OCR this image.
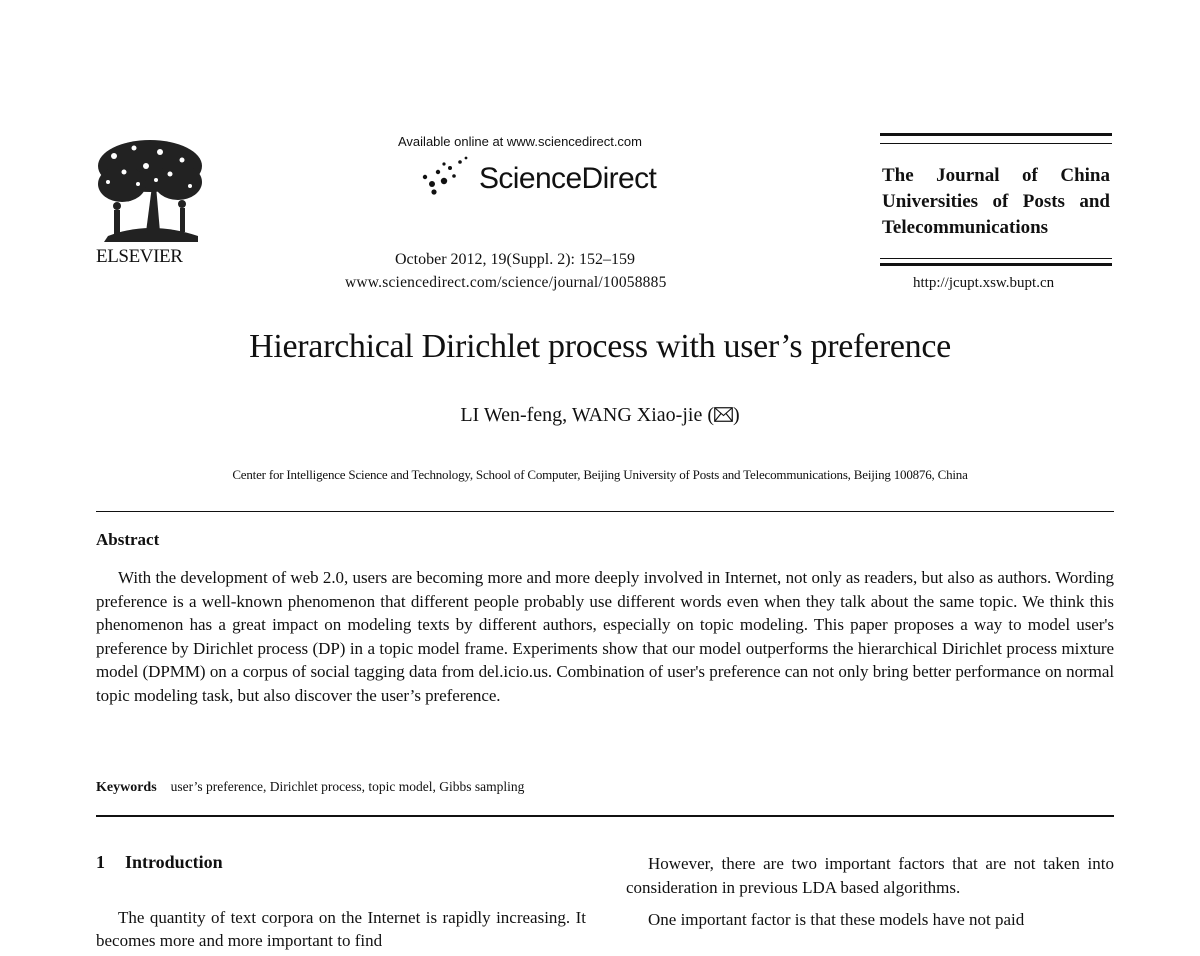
ELSEVIER
Available online at www.sciencedirect.com
ScienceDirect
October 2012, 19(Suppl. 2): 152–159
www.sciencedirect.com/science/journal/10058885
The Journal of China Universities of Posts and Telecommunications
http://jcupt.xsw.bupt.cn
Hierarchical Dirichlet process with user’s preference
LI Wen-feng, WANG Xiao-jie ( )
Center for Intelligence Science and Technology, School of Computer, Beijing University of Posts and Telecommunications, Beijing 100876, China
Abstract
With the development of web 2.0, users are becoming more and more deeply involved in Internet, not only as readers, but also as authors. Wording preference is a well-known phenomenon that different people probably use different words even when they talk about the same topic. We think this phenomenon has a great impact on modeling texts by different authors, especially on topic modeling. This paper proposes a way to model user's preference by Dirichlet process (DP) in a topic model frame. Experiments show that our model outperforms the hierarchical Dirichlet process mixture model (DPMM) on a corpus of social tagging data from del.icio.us. Combination of user's preference can not only bring better performance on normal topic modeling task, but also discover the user’s preference.
Keywords user’s preference, Dirichlet process, topic model, Gibbs sampling
1 Introduction
The quantity of text corpora on the Internet is rapidly increasing. It becomes more and more important to find

However, there are two important factors that are not taken into consideration in previous LDA based algorithms.

One important factor is that these models have not paid
